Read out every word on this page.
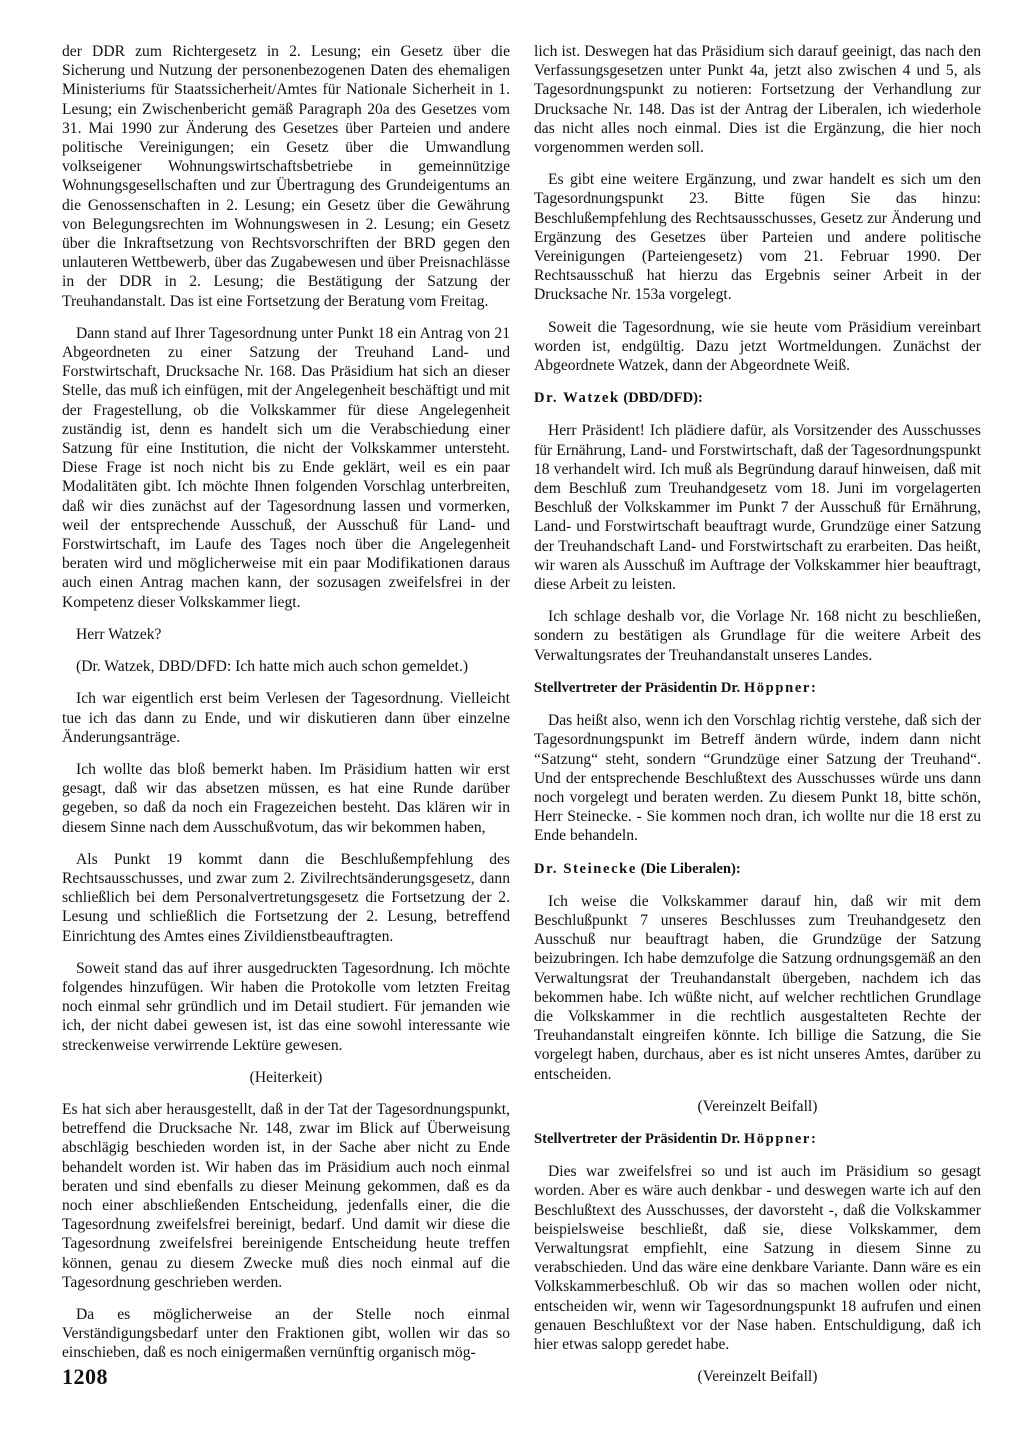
der DDR zum Richtergesetz in 2. Lesung; ein Gesetz über die Sicherung und Nutzung der personenbezogenen Daten des ehemaligen Ministeriums für Staatssicherheit/Amtes für Nationale Sicherheit in 1. Lesung; ein Zwischenbericht gemäß Paragraph 20a des Gesetzes vom 31. Mai 1990 zur Änderung des Gesetzes über Parteien und andere politische Vereinigungen; ein Gesetz über die Umwandlung volkseigener Wohnungswirtschaftsbetriebe in gemeinnützige Wohnungsgesellschaften und zur Übertragung des Grundeigentums an die Genossenschaften in 2. Lesung; ein Gesetz über die Gewährung von Belegungsrechten im Wohnungswesen in 2. Lesung; ein Gesetz über die Inkraftsetzung von Rechtsvorschriften der BRD gegen den unlauteren Wettbewerb, über das Zugabewesen und über Preisnachlässe in der DDR in 2. Lesung; die Bestätigung der Satzung der Treuhandanstalt. Das ist eine Fortsetzung der Beratung vom Freitag.

Dann stand auf Ihrer Tagesordnung unter Punkt 18 ein Antrag von 21 Abgeordneten zu einer Satzung der Treuhand Land- und Forstwirtschaft, Drucksache Nr. 168. Das Präsidium hat sich an dieser Stelle, das muß ich einfügen, mit der Angelegenheit beschäftigt und mit der Fragestellung, ob die Volkskammer für diese Angelegenheit zuständig ist, denn es handelt sich um die Verabschiedung einer Satzung für eine Institution, die nicht der Volkskammer untersteht. Diese Frage ist noch nicht bis zu Ende geklärt, weil es ein paar Modalitäten gibt. Ich möchte Ihnen folgenden Vorschlag unterbreiten, daß wir dies zunächst auf der Tagesordnung lassen und vormerken, weil der entsprechende Ausschuß, der Ausschuß für Land- und Forstwirtschaft, im Laufe des Tages noch über die Angelegenheit beraten wird und möglicherweise mit ein paar Modifikationen daraus auch einen Antrag machen kann, der sozusagen zweifelsfrei in der Kompetenz dieser Volkskammer liegt.

Herr Watzek?

(Dr. Watzek, DBD/DFD: Ich hatte mich auch schon gemeldet.)

Ich war eigentlich erst beim Verlesen der Tagesordnung. Vielleicht tue ich das dann zu Ende, und wir diskutieren dann über einzelne Änderungsanträge.

Ich wollte das bloß bemerkt haben. Im Präsidium hatten wir erst gesagt, daß wir das absetzen müssen, es hat eine Runde darüber gegeben, so daß da noch ein Fragezeichen besteht. Das klären wir in diesem Sinne nach dem Ausschußvotum, das wir bekommen haben,

Als Punkt 19 kommt dann die Beschlußempfehlung des Rechtsausschusses, und zwar zum 2. Zivilrechtsänderungsgesetz, dann schließlich bei dem Personalvertretungsgesetz die Fortsetzung der 2. Lesung und schließlich die Fortsetzung der 2. Lesung, betreffend Einrichtung des Amtes eines Zivildienstbeauftragten.

Soweit stand das auf ihrer ausgedruckten Tagesordnung. Ich möchte folgendes hinzufügen. Wir haben die Protokolle vom letzten Freitag noch einmal sehr gründlich und im Detail studiert. Für jemanden wie ich, der nicht dabei gewesen ist, ist das eine sowohl interessante wie streckenweise verwirrende Lektüre gewesen.

(Heiterkeit)

Es hat sich aber herausgestellt, daß in der Tat der Tagesordnungspunkt, betreffend die Drucksache Nr. 148, zwar im Blick auf Überweisung abschlägig beschieden worden ist, in der Sache aber nicht zu Ende behandelt worden ist. Wir haben das im Präsidium auch noch einmal beraten und sind ebenfalls zu dieser Meinung gekommen, daß es da noch einer abschließenden Entscheidung, jedenfalls einer, die die Tagesordnung zweifelsfrei bereinigt, bedarf. Und damit wir diese die Tagesordnung zweifelsfrei bereinigende Entscheidung heute treffen können, genau zu diesem Zwecke muß dies noch einmal auf die Tagesordnung geschrieben werden.

Da es möglicherweise an der Stelle noch einmal Verständigungsbedarf unter den Fraktionen gibt, wollen wir das so einschieben, daß es noch einigermaßen vernünftig organisch mög-

lich ist. Deswegen hat das Präsidium sich darauf geeinigt, das nach den Verfassungsgesetzen unter Punkt 4a, jetzt also zwischen 4 und 5, als Tagesordnungspunkt zu notieren: Fortsetzung der Verhandlung zur Drucksache Nr. 148. Das ist der Antrag der Liberalen, ich wiederhole das nicht alles noch einmal. Dies ist die Ergänzung, die hier noch vorgenommen werden soll.

Es gibt eine weitere Ergänzung, und zwar handelt es sich um den Tagesordnungspunkt 23. Bitte fügen Sie das hinzu: Beschlußempfehlung des Rechtsausschusses, Gesetz zur Änderung und Ergänzung des Gesetzes über Parteien und andere politische Vereinigungen (Parteiengesetz) vom 21. Februar 1990. Der Rechtsausschuß hat hierzu das Ergebnis seiner Arbeit in der Drucksache Nr. 153a vorgelegt.

Soweit die Tagesordnung, wie sie heute vom Präsidium vereinbart worden ist, endgültig. Dazu jetzt Wortmeldungen. Zunächst der Abgeordnete Watzek, dann der Abgeordnete Weiß.

Dr. Watzek (DBD/DFD):

Herr Präsident! Ich plädiere dafür, als Vorsitzender des Ausschusses für Ernährung, Land- und Forstwirtschaft, daß der Tagesordnungspunkt 18 verhandelt wird. Ich muß als Begründung darauf hinweisen, daß mit dem Beschluß zum Treuhandgesetz vom 18. Juni im vorgelagerten Beschluß der Volkskammer im Punkt 7 der Ausschuß für Ernährung, Land- und Forstwirtschaft beauftragt wurde, Grundzüge einer Satzung der Treuhandschaft Land- und Forstwirtschaft zu erarbeiten. Das heißt, wir waren als Ausschuß im Auftrage der Volkskammer hier beauftragt, diese Arbeit zu leisten.

Ich schlage deshalb vor, die Vorlage Nr. 168 nicht zu beschließen, sondern zu bestätigen als Grundlage für die weitere Arbeit des Verwaltungsrates der Treuhandanstalt unseres Landes.

Stellvertreter der Präsidentin Dr. Höppner:

Das heißt also, wenn ich den Vorschlag richtig verstehe, daß sich der Tagesordnungspunkt im Betreff ändern würde, indem dann nicht “Satzung“ steht, sondern “Grundzüge einer Satzung der Treuhand“. Und der entsprechende Beschlußtext des Ausschusses würde uns dann noch vorgelegt und beraten werden. Zu diesem Punkt 18, bitte schön, Herr Steinecke. - Sie kommen noch dran, ich wollte nur die 18 erst zu Ende behandeln.

Dr. Steinecke (Die Liberalen):

Ich weise die Volkskammer darauf hin, daß wir mit dem Beschlußpunkt 7 unseres Beschlusses zum Treuhandgesetz den Ausschuß nur beauftragt haben, die Grundzüge der Satzung beizubringen. Ich habe demzufolge die Satzung ordnungsgemäß an den Verwaltungsrat der Treuhandanstalt übergeben, nachdem ich das bekommen habe. Ich wüßte nicht, auf welcher rechtlichen Grundlage die Volkskammer in die rechtlich ausgestalteten Rechte der Treuhandanstalt eingreifen könnte. Ich billige die Satzung, die Sie vorgelegt haben, durchaus, aber es ist nicht unseres Amtes, darüber zu entscheiden.

(Vereinzelt Beifall)

Stellvertreter der Präsidentin Dr. Höppner:

Dies war zweifelsfrei so und ist auch im Präsidium so gesagt worden. Aber es wäre auch denkbar - und deswegen warte ich auf den Beschlußtext des Ausschusses, der davorsteht -, daß die Volkskammer beispielsweise beschließt, daß sie, diese Volkskammer, dem Verwaltungsrat empfiehlt, eine Satzung in diesem Sinne zu verabschieden. Und das wäre eine denkbare Variante. Dann wäre es ein Volkskammerbeschluß. Ob wir das so machen wollen oder nicht, entscheiden wir, wenn wir Tagesordnungspunkt 18 aufrufen und einen genauen Beschlußtext vor der Nase haben. Entschuldigung, daß ich hier etwas salopp geredet habe.

(Vereinzelt Beifall)

1208
